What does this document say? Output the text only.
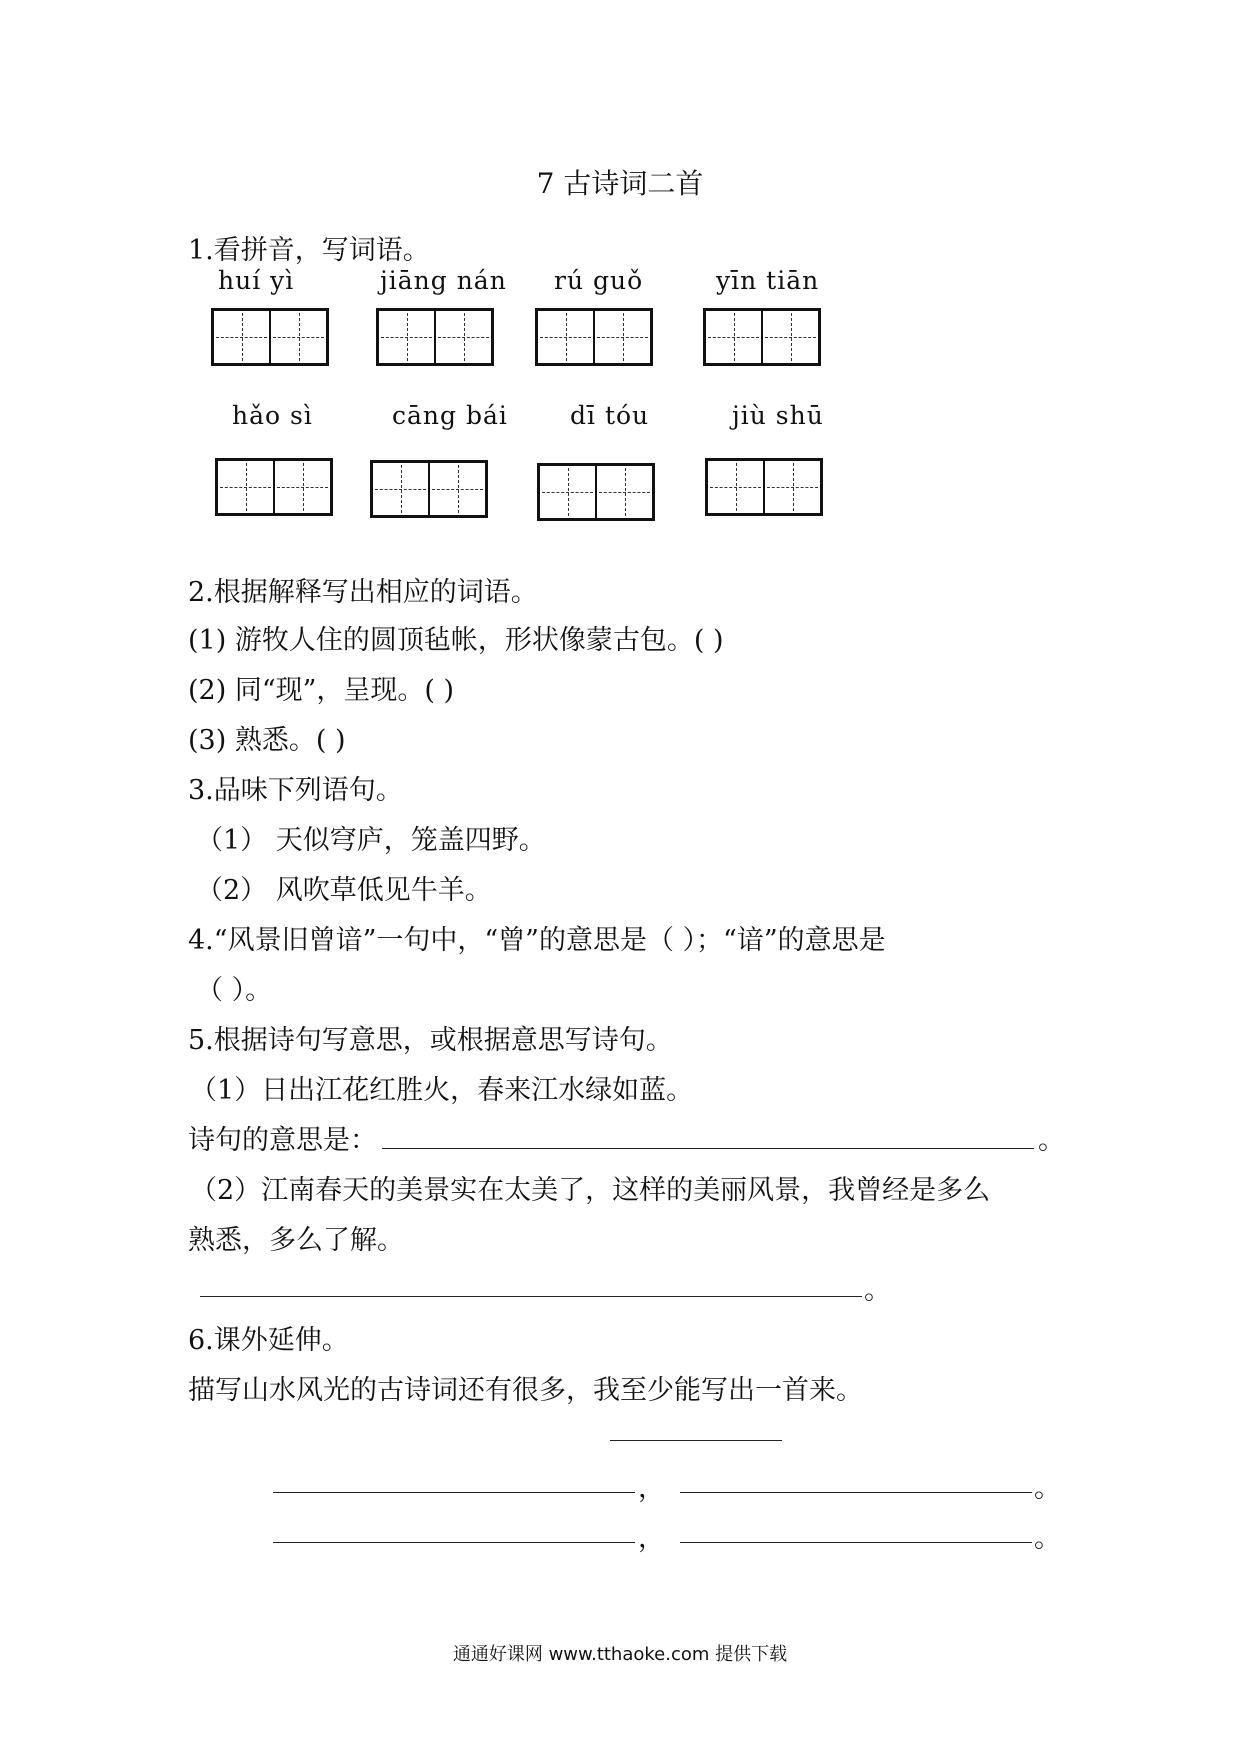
7 古诗词二首
1.看拼音，写词语。
huí yì	jiāng nán rú guǒ	yīn tiān
hǎo sì	cāng bái dī tóu	jiù shū
2.根据解释写出相应的词语。
(1) 游牧人住的圆顶毡帐，形状像蒙古包。( )
(2) 同“现”，呈现。( )
(3) 熟悉。( )
3.品味下列语句。
（1） 天似穹庐，笼盖四野。
（2） 风吹草低见牛羊。
4.“风景旧曾谙”一句中，“曾”的意思是（ ）；“谙”的意思是
（ ）。
5.根据诗句写意思，或根据意思写诗句。
（1）日出江花红胜火，春来江水绿如蓝。
诗句的意思是：	。
（2）江南春天的美景实在太美了，这样的美丽风景，我曾经是多么
熟悉，多么了解。
。
6.课外延伸。
描写山水风光的古诗词还有很多，我至少能写出一首来。
，	。
，	。
通通好课网 www.tthaoke.com 提供下载
